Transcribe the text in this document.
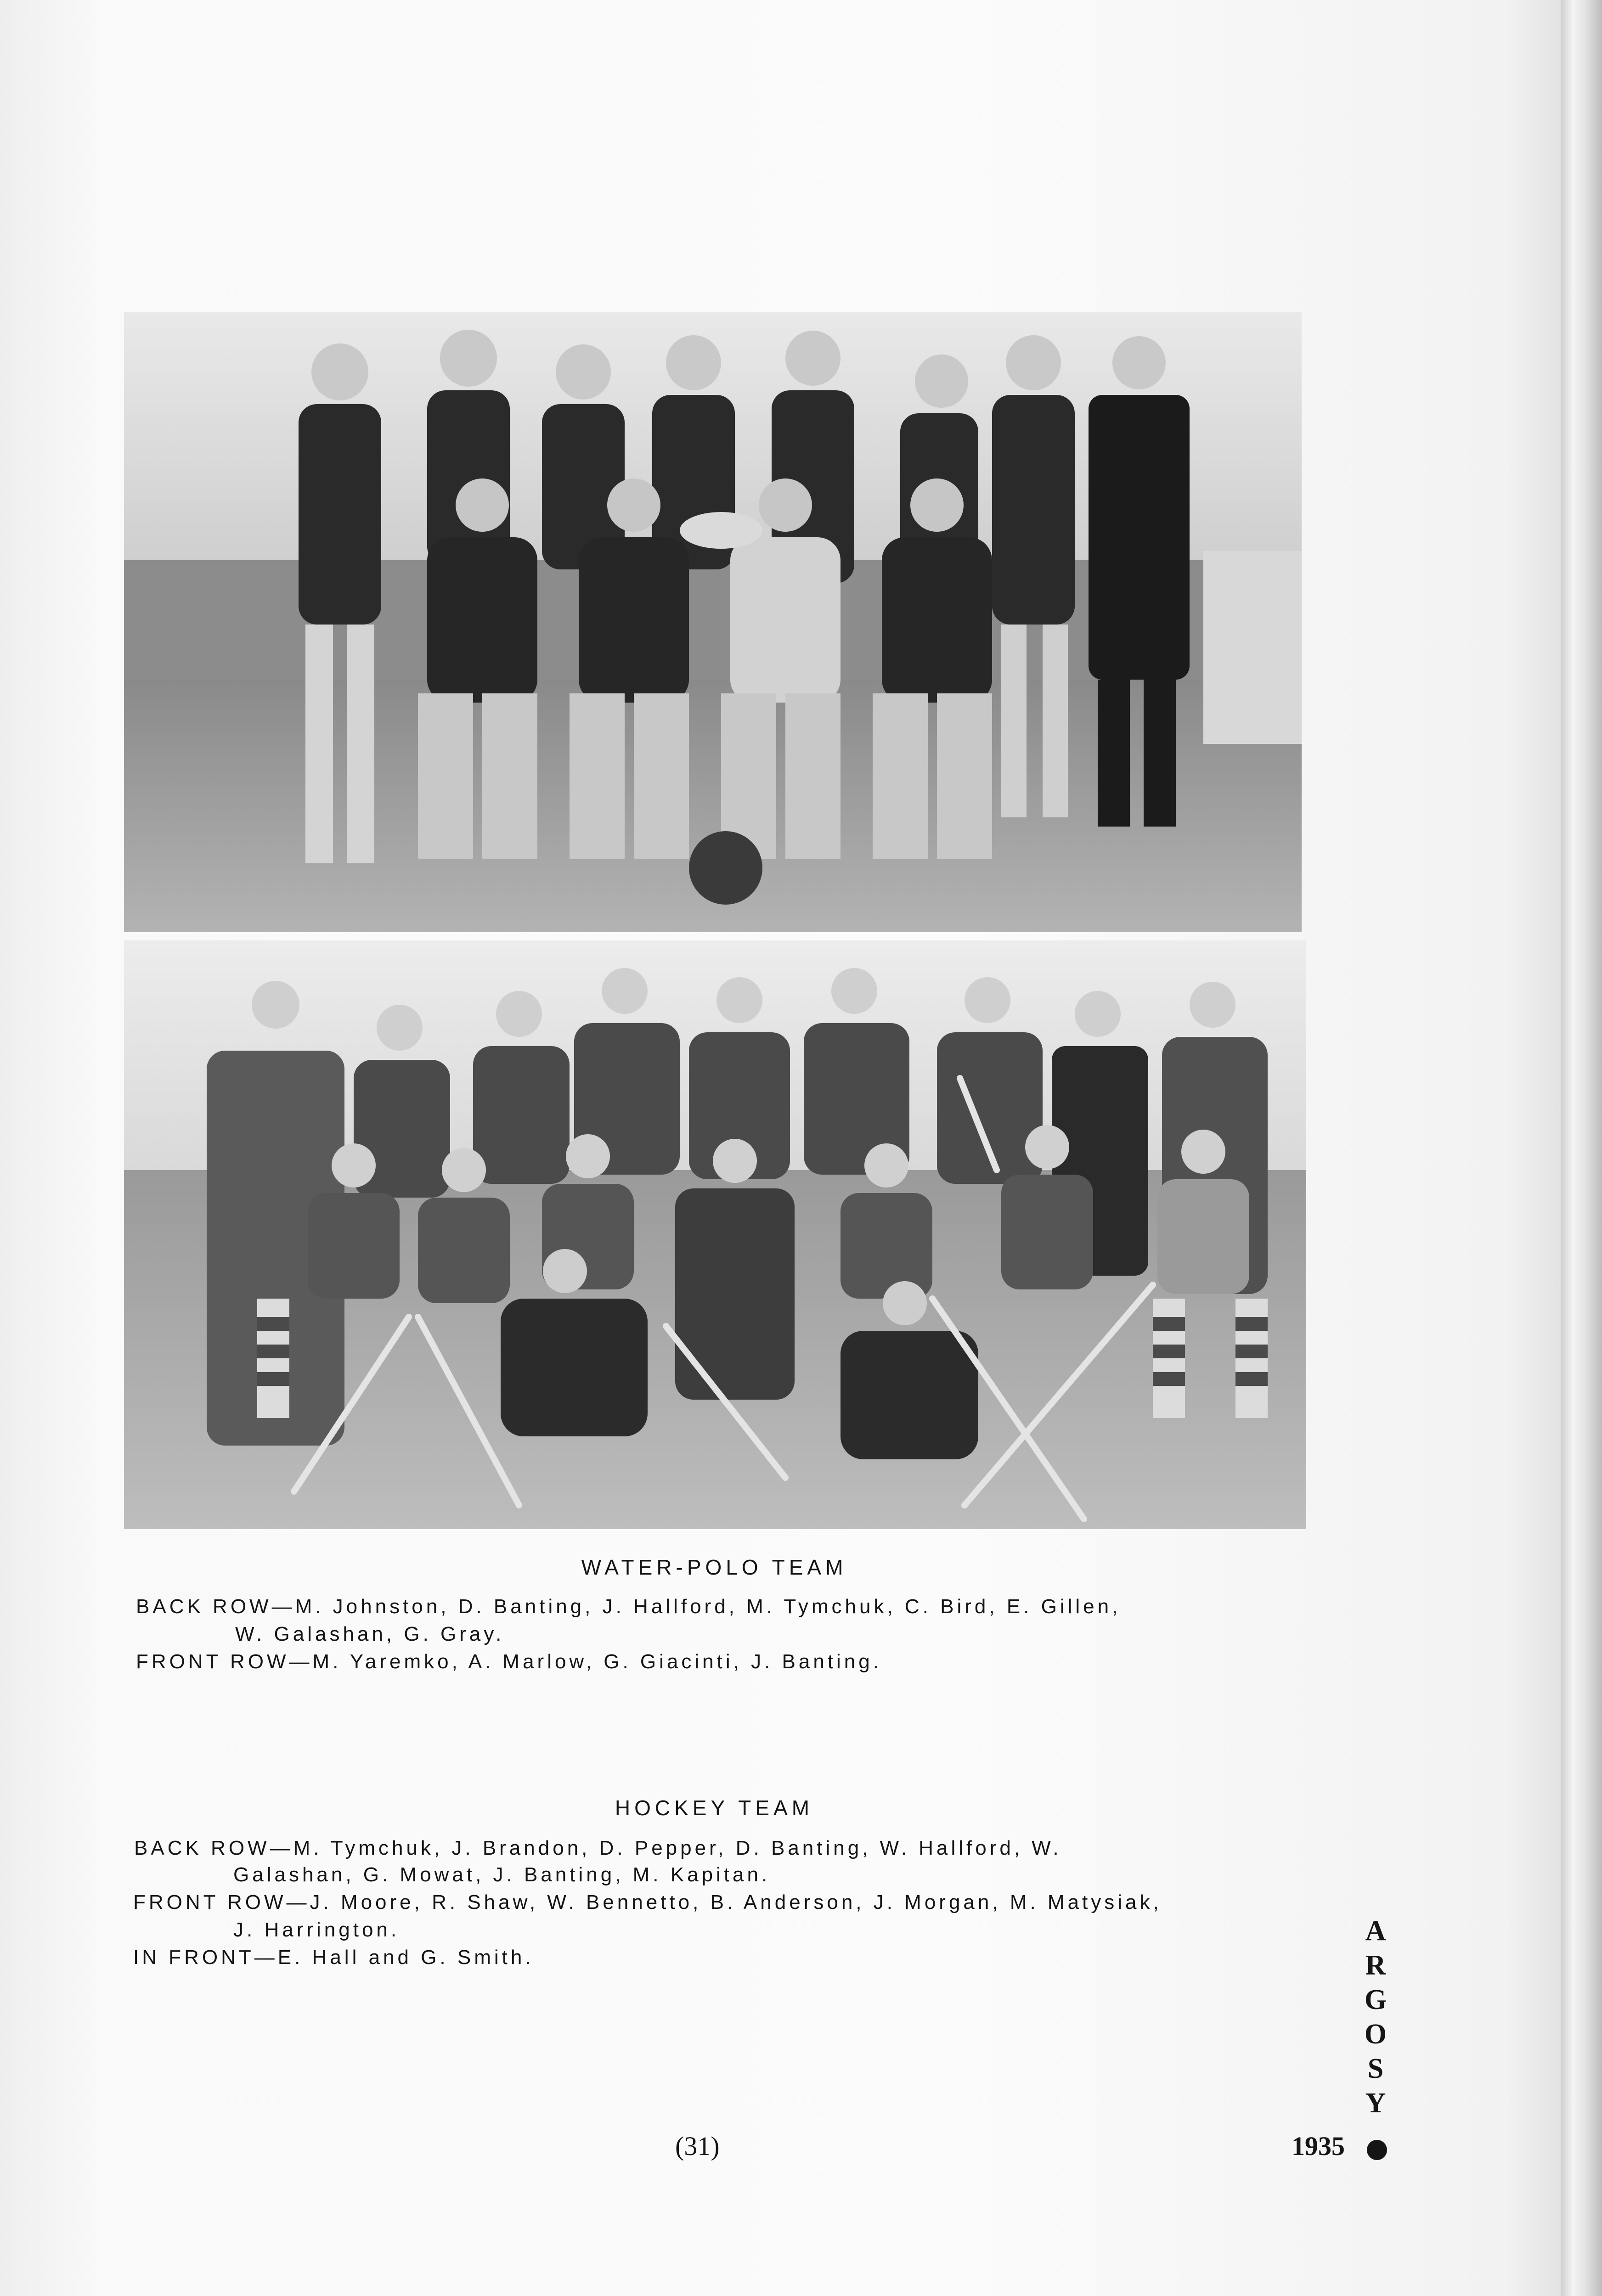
WATER-POLO TEAM
BACK ROW—M. Johnston, D. Banting, J. Hallford, M. Tymchuk, C. Bird, E. Gillen,
W. Galashan, G. Gray.
FRONT ROW—M. Yaremko, A. Marlow, G. Giacinti, J. Banting.
HOCKEY TEAM
BACK ROW—M. Tymchuk, J. Brandon, D. Pepper, D. Banting, W. Hallford, W.
Galashan, G. Mowat, J. Banting, M. Kapitan.
FRONT ROW—J. Moore, R. Shaw, W. Bennetto, B. Anderson, J. Morgan, M. Matysiak,
J. Harrington.
IN FRONT—E. Hall and G. Smith.
(31)
A
R
G
O
S
Y
1935
